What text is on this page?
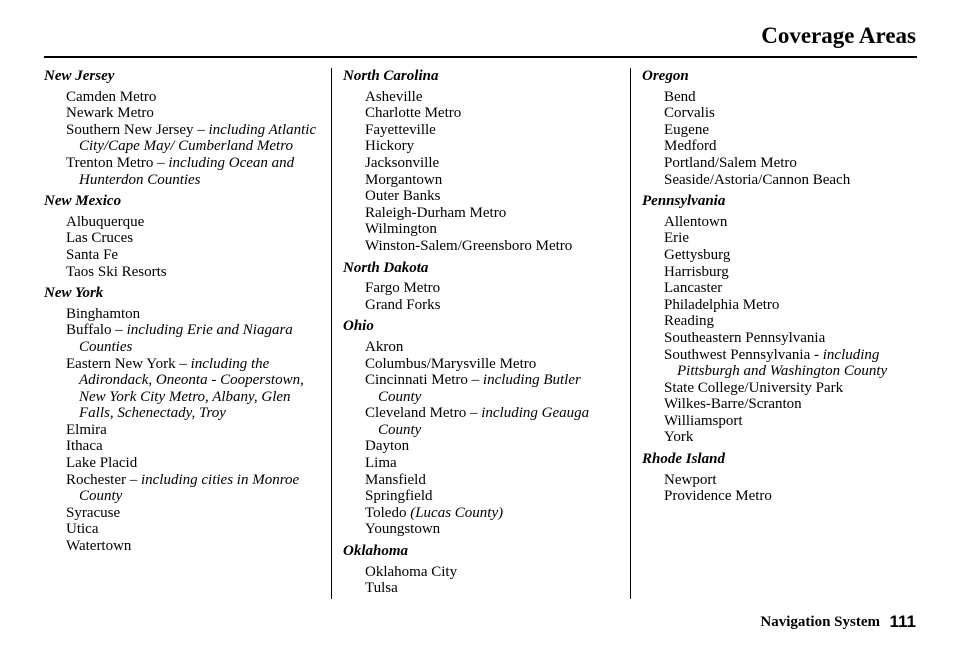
Coverage Areas
New Jersey
Camden Metro
Newark Metro
Southern New Jersey – including Atlantic City/Cape May/ Cumberland Metro
Trenton Metro – including Ocean and Hunterdon Counties
New Mexico
Albuquerque
Las Cruces
Santa Fe
Taos Ski Resorts
New York
Binghamton
Buffalo – including Erie and Niagara Counties
Eastern New York – including the Adirondack, Oneonta - Cooperstown, New York City Metro, Albany, Glen Falls, Schenectady, Troy
Elmira
Ithaca
Lake Placid
Rochester – including cities in Monroe County
Syracuse
Utica
Watertown
North Carolina
Asheville
Charlotte Metro
Fayetteville
Hickory
Jacksonville
Morgantown
Outer Banks
Raleigh-Durham Metro
Wilmington
Winston-Salem/Greensboro Metro
North Dakota
Fargo Metro
Grand Forks
Ohio
Akron
Columbus/Marysville Metro
Cincinnati Metro – including Butler County
Cleveland Metro – including Geauga County
Dayton
Lima
Mansfield
Springfield
Toledo (Lucas County)
Youngstown
Oklahoma
Oklahoma City
Tulsa
Oregon
Bend
Corvalis
Eugene
Medford
Portland/Salem Metro
Seaside/Astoria/Cannon Beach
Pennsylvania
Allentown
Erie
Gettysburg
Harrisburg
Lancaster
Philadelphia Metro
Reading
Southeastern Pennsylvania
Southwest Pennsylvania - including Pittsburgh and Washington County
State College/University Park
Wilkes-Barre/Scranton
Williamsport
York
Rhode Island
Newport
Providence Metro
Navigation System 111
